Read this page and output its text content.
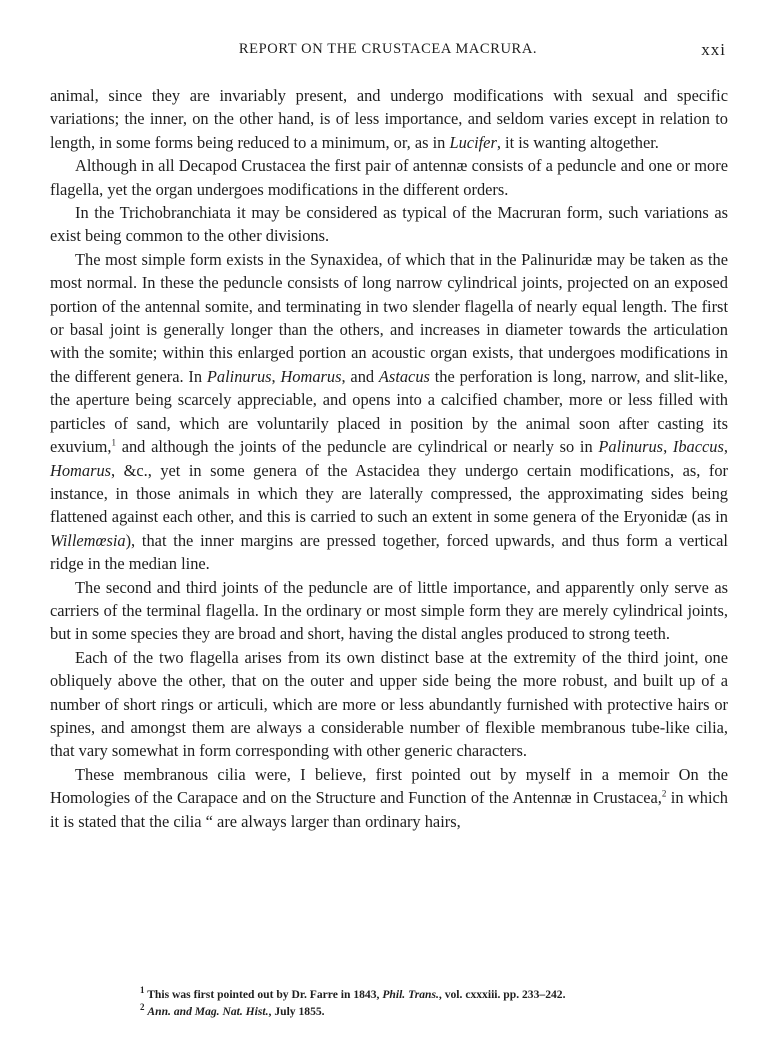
REPORT ON THE CRUSTACEA MACRURA.	xxi

animal, since they are invariably present, and undergo modifications with sexual and specific variations; the inner, on the other hand, is of less importance, and seldom varies except in relation to length, in some forms being reduced to a minimum, or, as in Lucifer, it is wanting altogether.

Although in all Decapod Crustacea the first pair of antennæ consists of a peduncle and one or more flagella, yet the organ undergoes modifications in the different orders.

In the Trichobranchiata it may be considered as typical of the Macruran form, such variations as exist being common to the other divisions.

The most simple form exists in the Synaxidea, of which that in the Palinuridæ may be taken as the most normal. In these the peduncle consists of long narrow cylindrical joints, projected on an exposed portion of the antennal somite, and terminating in two slender flagella of nearly equal length. The first or basal joint is generally longer than the others, and increases in diameter towards the articulation with the somite; within this enlarged portion an acoustic organ exists, that undergoes modifications in the different genera. In Palinurus, Homarus, and Astacus the perforation is long, narrow, and slit-like, the aperture being scarcely appreciable, and opens into a calcified chamber, more or less filled with particles of sand, which are voluntarily placed in position by the animal soon after casting its exuvium,$^1$ and although the joints of the peduncle are cylindrical or nearly so in Palinurus, Ibaccus, Homarus, &c., yet in some genera of the Astacidea they undergo certain modifications, as, for instance, in those animals in which they are laterally compressed, the approximating sides being flattened against each other, and this is carried to such an extent in some genera of the Eryonidæ (as in Willemœsia), that the inner margins are pressed together, forced upwards, and thus form a vertical ridge in the median line.

The second and third joints of the peduncle are of little importance, and apparently only serve as carriers of the terminal flagella. In the ordinary or most simple form they are merely cylindrical joints, but in some species they are broad and short, having the distal angles produced to strong teeth.

Each of the two flagella arises from its own distinct base at the extremity of the third joint, one obliquely above the other, that on the outer and upper side being the more robust, and built up of a number of short rings or articuli, which are more or less abundantly furnished with protective hairs or spines, and amongst them are always a considerable number of flexible membranous tube-like cilia, that vary somewhat in form corresponding with other generic characters.

These membranous cilia were, I believe, first pointed out by myself in a memoir On the Homologies of the Carapace and on the Structure and Function of the Antennæ in Crustacea,$^2$ in which it is stated that the cilia “ are always larger than ordinary hairs,

$^1$ This was first pointed out by Dr. Farre in 1843, Phil. Trans., vol. cxxxiii. pp. 233–242.
$^2$ Ann. and Mag. Nat. Hist., July 1855.
